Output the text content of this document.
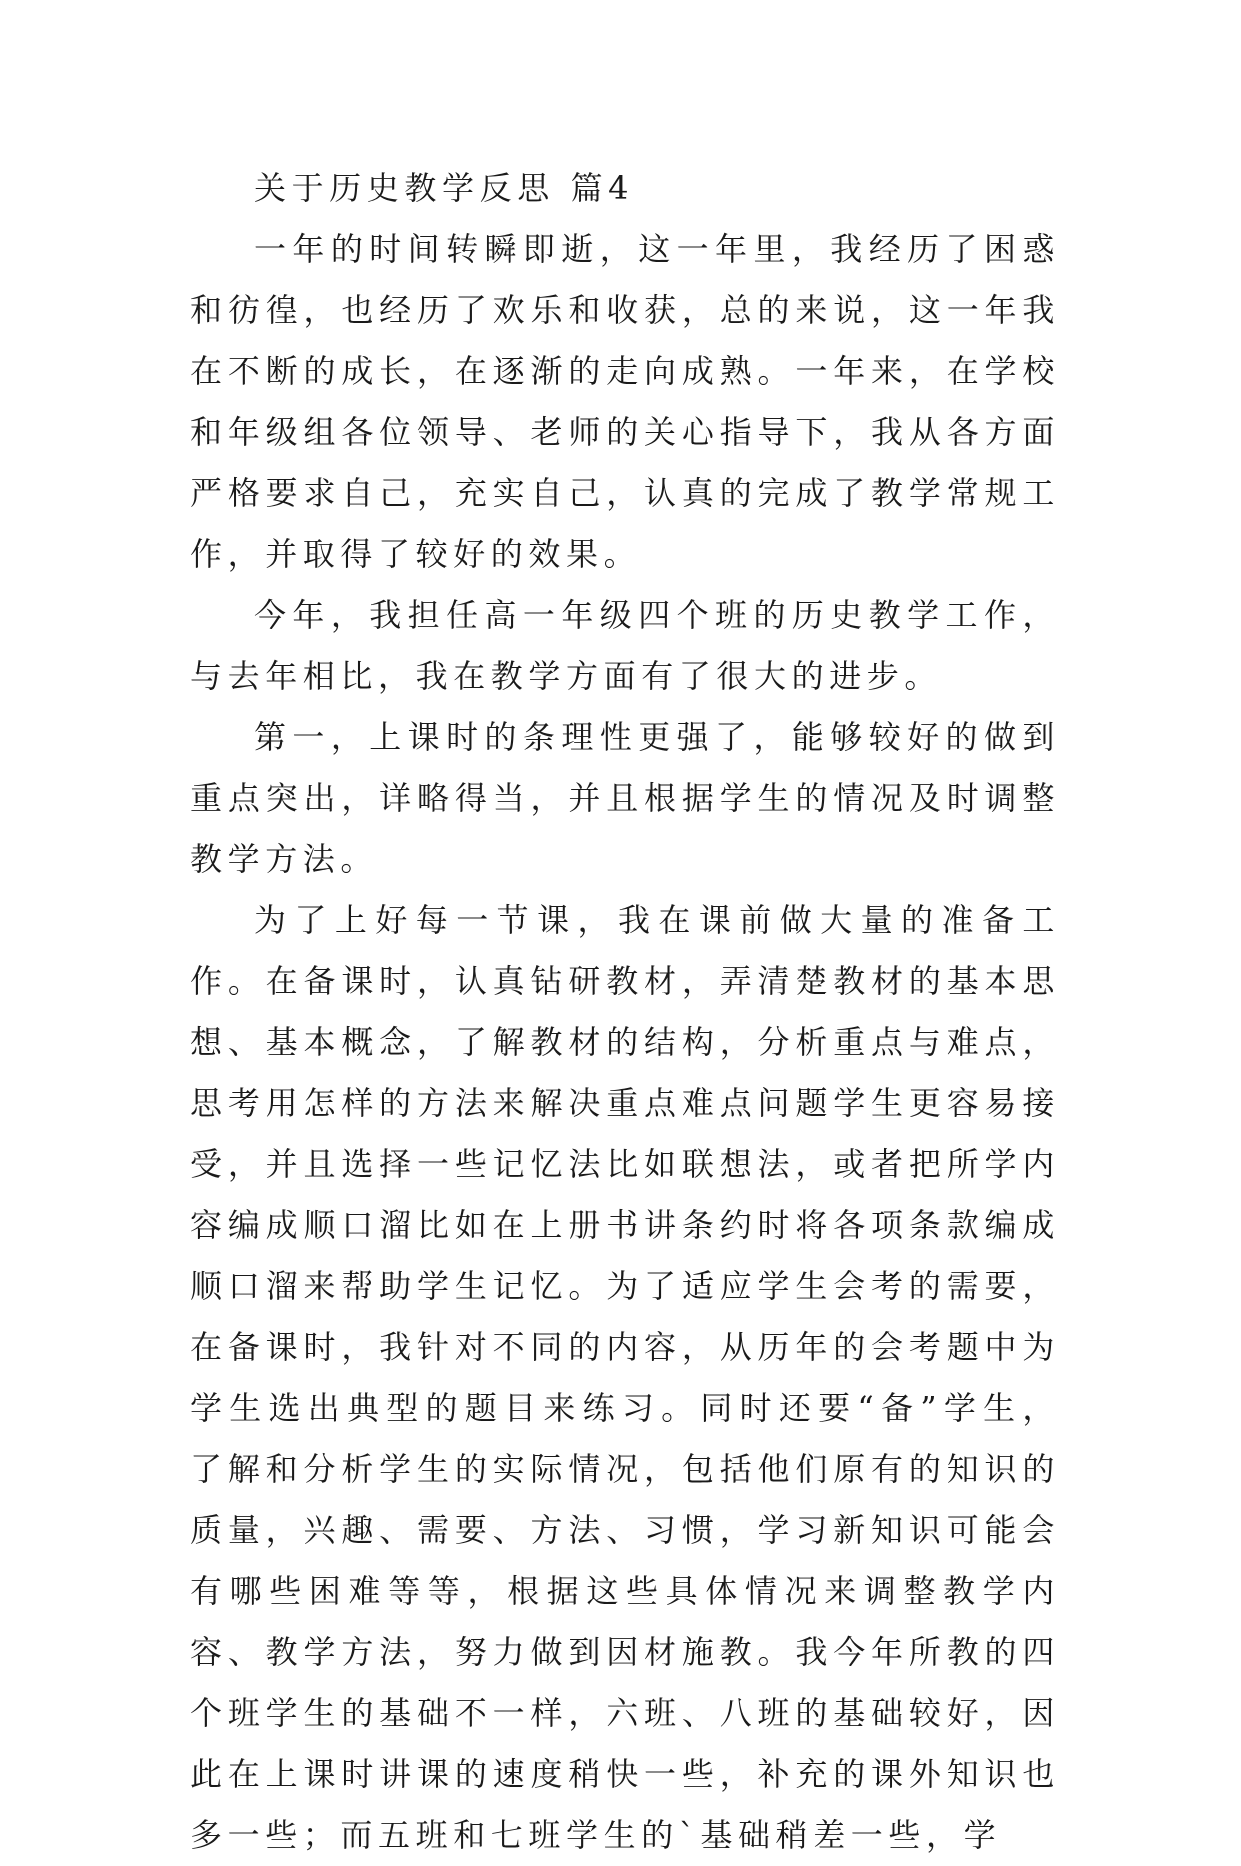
关于历史教学反思 篇4

一年的时间转瞬即逝，这一年里，我经历了困惑和彷徨，也经历了欢乐和收获，总的来说，这一年我在不断的成长，在逐渐的走向成熟。一年来，在学校和年级组各位领导、老师的关心指导下，我从各方面严格要求自己，充实自己，认真的完成了教学常规工作，并取得了较好的效果。

今年，我担任高一年级四个班的历史教学工作，与去年相比，我在教学方面有了很大的进步。

第一，上课时的条理性更强了，能够较好的做到重点突出，详略得当，并且根据学生的情况及时调整教学方法。

为了上好每一节课，我在课前做大量的准备工作。在备课时，认真钻研教材，弄清楚教材的基本思想、基本概念，了解教材的结构，分析重点与难点，思考用怎样的方法来解决重点难点问题学生更容易接受，并且选择一些记忆法比如联想法，或者把所学内容编成顺口溜比如在上册书讲条约时将各项条款编成顺口溜来帮助学生记忆。为了适应学生会考的需要，在备课时，我针对不同的内容，从历年的会考题中为学生选出典型的题目来练习。同时还要“备”学生，了解和分析学生的实际情况，包括他们原有的知识的质量，兴趣、需要、方法、习惯，学习新知识可能会有哪些困难等等，根据这些具体情况来调整教学内容、教学方法，努力做到因材施教。我今年所教的四个班学生的基础不一样，六班、八班的基础较好，因此在上课时讲课的速度稍快一些，补充的课外知识也多一些；而五班和七班学生的`基础稍差一些，学
